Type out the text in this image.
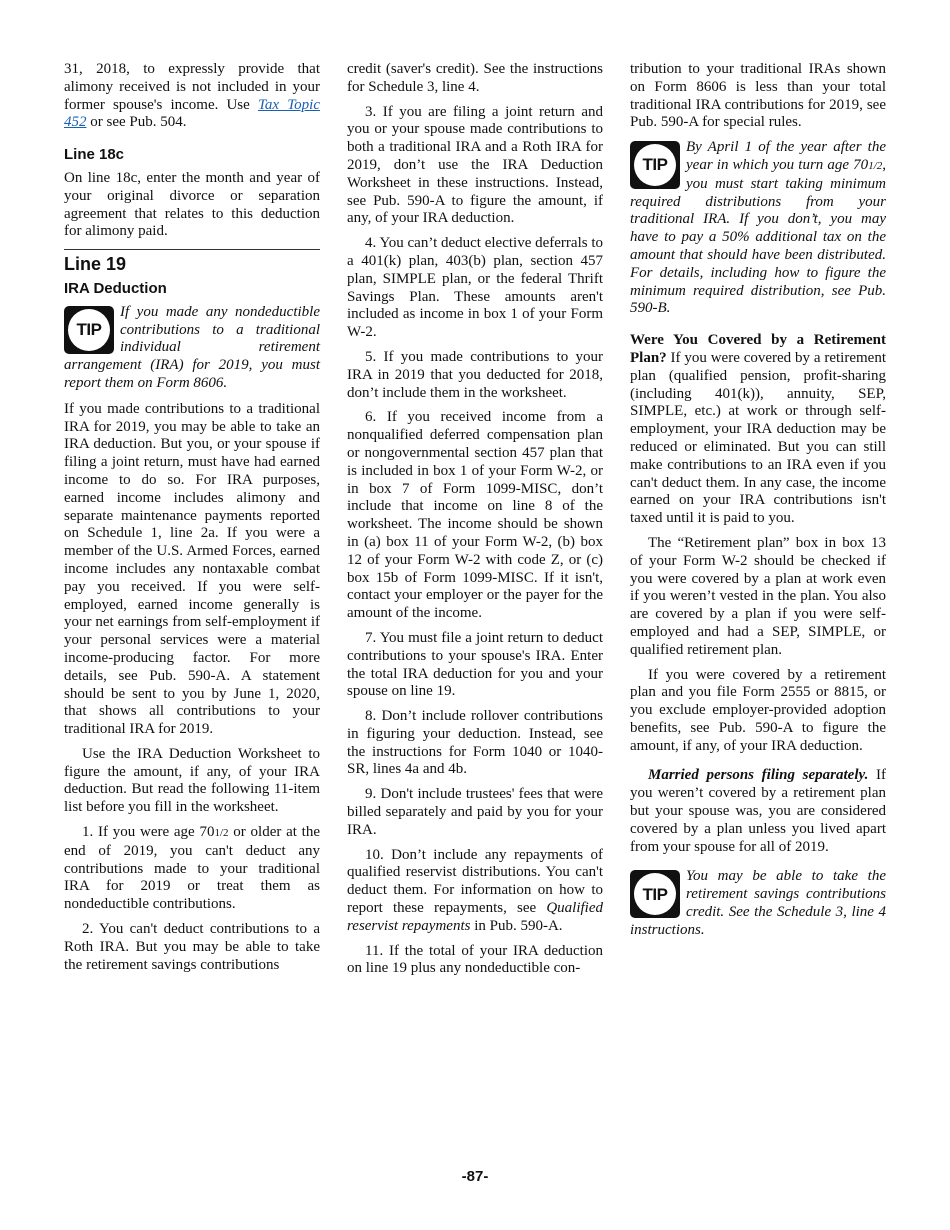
31, 2018, to expressly provide that alimony received is not included in your former spouse's income. Use Tax Topic 452 or see Pub. 504.

Line 18c

On line 18c, enter the month and year of your original divorce or separation agreement that relates to this deduction for alimony paid.

Line 19
IRA Deduction
TIP
If you made any nondeductible contributions to a traditional individual retirement arrangement (IRA) for 2019, you must report them on Form 8606.

If you made contributions to a traditional IRA for 2019, you may be able to take an IRA deduction. But you, or your spouse if filing a joint return, must have had earned income to do so. For IRA purposes, earned income includes alimony and separate maintenance payments reported on Schedule 1, line 2a. If you were a member of the U.S. Armed Forces, earned income includes any nontaxable combat pay you received. If you were self-employed, earned income generally is your net earnings from self-employment if your personal services were a material income-producing factor. For more details, see Pub. 590-A. A statement should be sent to you by June 1, 2020, that shows all contributions to your traditional IRA for 2019.

Use the IRA Deduction Worksheet to figure the amount, if any, of your IRA deduction. But read the following 11-item list before you fill in the worksheet.

1. If you were age 701/2 or older at the end of 2019, you can't deduct any contributions made to your traditional IRA for 2019 or treat them as nondeductible contributions.

2. You can't deduct contributions to a Roth IRA. But you may be able to take the retirement savings contributions

credit (saver's credit). See the instructions for Schedule 3, line 4.

3. If you are filing a joint return and you or your spouse made contributions to both a traditional IRA and a Roth IRA for 2019, don’t use the IRA Deduction Worksheet in these instructions. Instead, see Pub. 590-A to figure the amount, if any, of your IRA deduction.

4. You can’t deduct elective deferrals to a 401(k) plan, 403(b) plan, section 457 plan, SIMPLE plan, or the federal Thrift Savings Plan. These amounts aren't included as income in box 1 of your Form W-2.

5. If you made contributions to your IRA in 2019 that you deducted for 2018, don’t include them in the worksheet.

6. If you received income from a nonqualified deferred compensation plan or nongovernmental section 457 plan that is included in box 1 of your Form W-2, or in box 7 of Form 1099-MISC, don’t include that income on line 8 of the worksheet. The income should be shown in (a) box 11 of your Form W-2, (b) box 12 of your Form W-2 with code Z, or (c) box 15b of Form 1099-MISC. If it isn't, contact your employer or the payer for the amount of the income.

7. You must file a joint return to deduct contributions to your spouse's IRA. Enter the total IRA deduction for you and your spouse on line 19.

8. Don’t include rollover contributions in figuring your deduction. Instead, see the instructions for Form 1040 or 1040-SR, lines 4a and 4b.

9. Don't include trustees' fees that were billed separately and paid by you for your IRA.

10. Don’t include any repayments of qualified reservist distributions. You can't deduct them. For information on how to report these repayments, see Qualified reservist repayments in Pub. 590-A.

11. If the total of your IRA deduction on line 19 plus any nondeductible con-

tribution to your traditional IRAs shown on Form 8606 is less than your total traditional IRA contributions for 2019, see Pub. 590-A for special rules.

TIP
By April 1 of the year after the year in which you turn age 701/2, you must start taking minimum required distributions from your traditional IRA. If you don’t, you may have to pay a 50% additional tax on the amount that should have been distributed. For details, including how to figure the minimum required distribution, see Pub. 590-B.

Were You Covered by a Retirement Plan? If you were covered by a retirement plan (qualified pension, profit-sharing (including 401(k)), annuity, SEP, SIMPLE, etc.) at work or through self-employment, your IRA deduction may be reduced or eliminated. But you can still make contributions to an IRA even if you can't deduct them. In any case, the income earned on your IRA contributions isn't taxed until it is paid to you.

The “Retirement plan” box in box 13 of your Form W-2 should be checked if you were covered by a plan at work even if you weren’t vested in the plan. You also are covered by a plan if you were self-employed and had a SEP, SIMPLE, or qualified retirement plan.

If you were covered by a retirement plan and you file Form 2555 or 8815, or you exclude employer-provided adoption benefits, see Pub. 590-A to figure the amount, if any, of your IRA deduction.

Married persons filing separately. If you weren’t covered by a retirement plan but your spouse was, you are considered covered by a plan unless you lived apart from your spouse for all of 2019.

TIP
You may be able to take the retirement savings contributions credit. See the Schedule 3, line 4 instructions.
-87-
